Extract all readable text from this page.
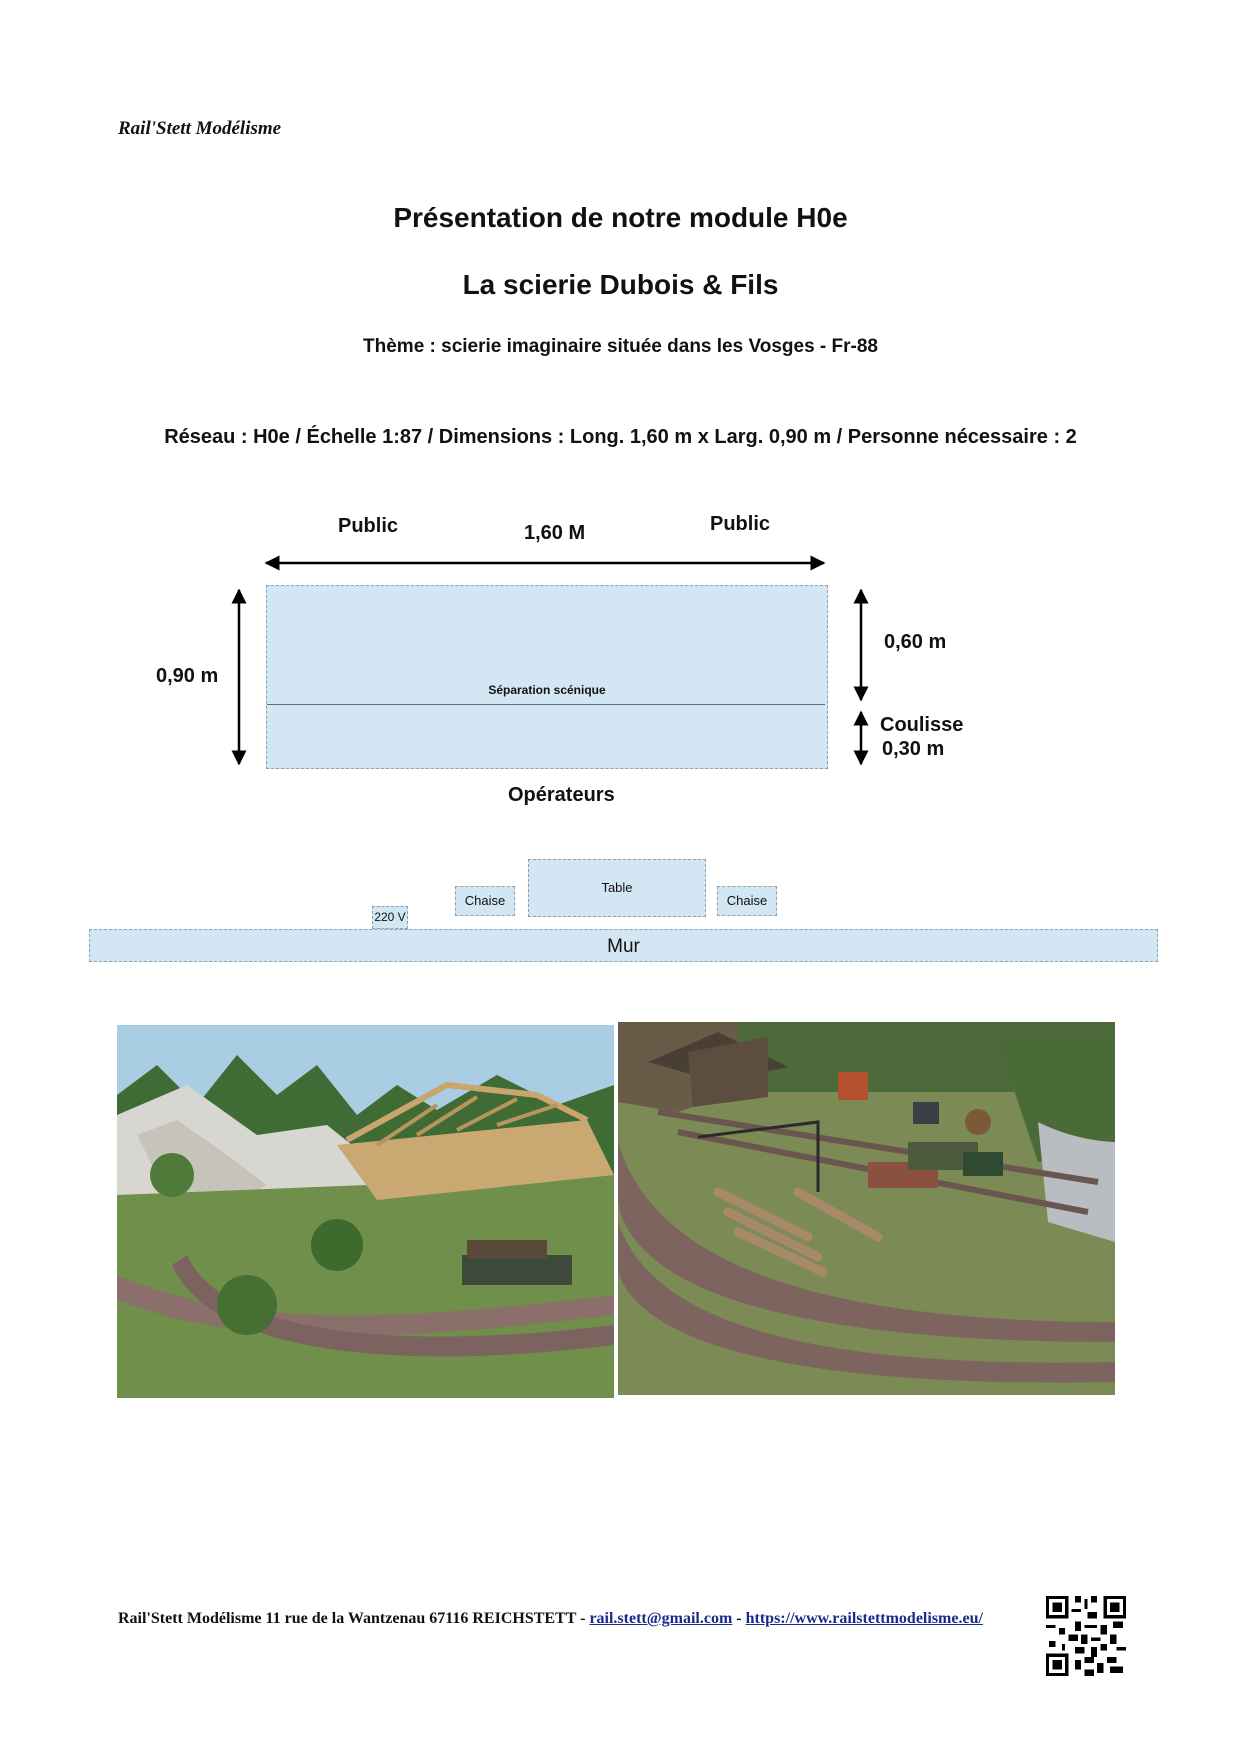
Rail'Stett Modélisme
Présentation de notre module H0e
La scierie Dubois & Fils
Thème : scierie imaginaire située dans les Vosges - Fr-88
Réseau : H0e / Échelle 1:87 / Dimensions : Long. 1,60 m x Larg. 0,90 m / Personne nécessaire : 2
Public	1,60 M	Public
Séparation scénique
0,90 m
0,60 m
Coulisse
0,30 m
Opérateurs
Table
Chaise	Chaise
220 V
Mur
Rail'Stett Modélisme 11 rue de la Wantzenau 67116 REICHSTETT - rail.stett@gmail.com - https://www.railstettmodelisme.eu/
